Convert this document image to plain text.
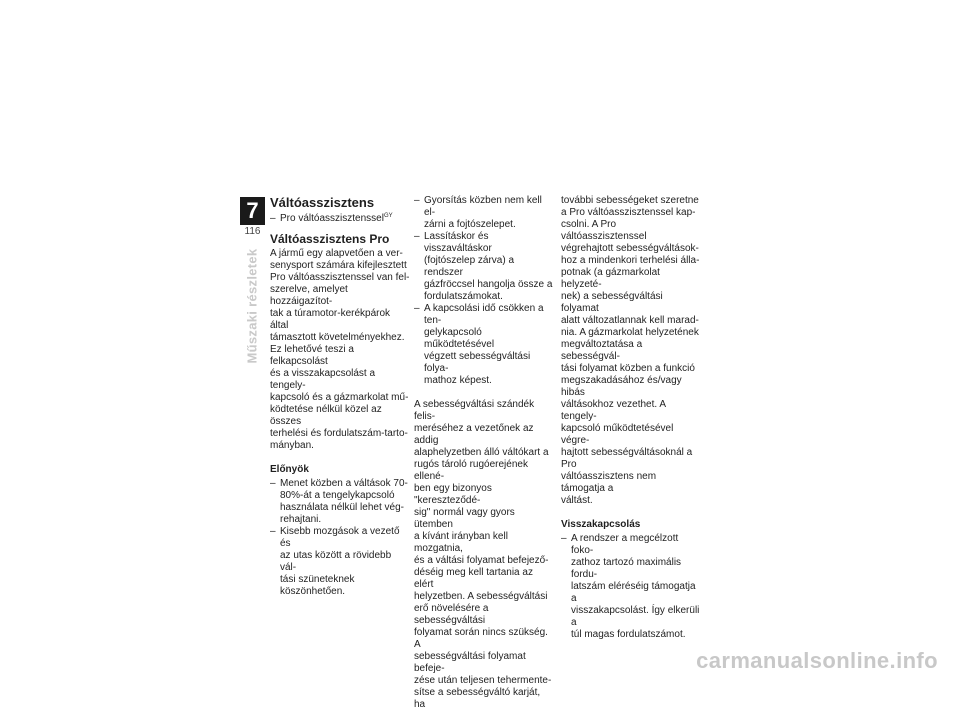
7
116
Műszaki részletek
Váltóasszisztens
– Pro váltóasszisztenssel$^{GY}$
Váltóasszisztens Pro

A jármű egy alapvetően a ver-
senysport számára kifejlesztett
Pro váltóasszisztenssel van fel-
szerelve, amelyet hozzáigazítot-
tak a túramotor-kerékpárok által
támasztott követelményekhez.

Ez lehetővé teszi a felkapcsolást
és a visszakapcsolást a tengely-
kapcsoló és a gázmarkolat mű-
ködtetése nélkül közel az összes
terhelési és fordulatszám-tarto-
mányban.

Előnyök
– Menet közben a váltások 70-
80%-át a tengelykapcsoló
használata nélkül lehet vég-
rehajtani.
– Kisebb mozgások a vezető és
az utas között a rövidebb vál-
tási szüneteknek köszönhetően.
– Gyorsítás közben nem kell el-
zárni a fojtószelepet.
– Lassításkor és visszaváltáskor
(fojtószelep zárva) a rendszer
gázfröccsel hangolja össze a
fordulatszámokat.
– A kapcsolási idő csökken a ten-
gelykapcsoló működtetésével
végzett sebességváltási folya-
mathoz képest.

A sebességváltási szándék felis-
meréséhez a vezetőnek az addig
alaphelyzetben álló váltókart a
rugós tároló rugóerejének ellené-
ben egy bizonyos "kereszteződé-
sig" normál vagy gyors ütemben
a kívánt irányban kell mozgatnia,
és a váltási folyamat befejező-
déséig meg kell tartania az elért
helyzetben. A sebességváltási
erő növelésére a sebességváltási
folyamat során nincs szükség. A
sebességváltási folyamat befeje-
zése után teljesen tehermente-
sítse a sebességváltó karját, ha

további sebességeket szeretne
a Pro váltóasszisztenssel kap-
csolni. A Pro váltóasszisztenssel
végrehajtott sebességváltások-
hoz a mindenkori terhelési álla-
potnak (a gázmarkolat helyzeté-
nek) a sebességváltási folyamat
alatt változatlannak kell marad-
nia. A gázmarkolat helyzetének
megváltoztatása a sebességvál-
tási folyamat közben a funkció
megszakadásához és/vagy hibás
váltásokhoz vezethet. A tengely-
kapcsoló működtetésével végre-
hajtott sebességváltásoknál a Pro
váltóasszisztens nem támogatja a
váltást.

Visszakapcsolás
– A rendszer a megcélzott foko-
zathoz tartozó maximális fordu-
latszám eléréséig támogatja a
visszakapcsolást. Így elkerüli a
túl magas fordulatszámot.
carmanualsonline.info
